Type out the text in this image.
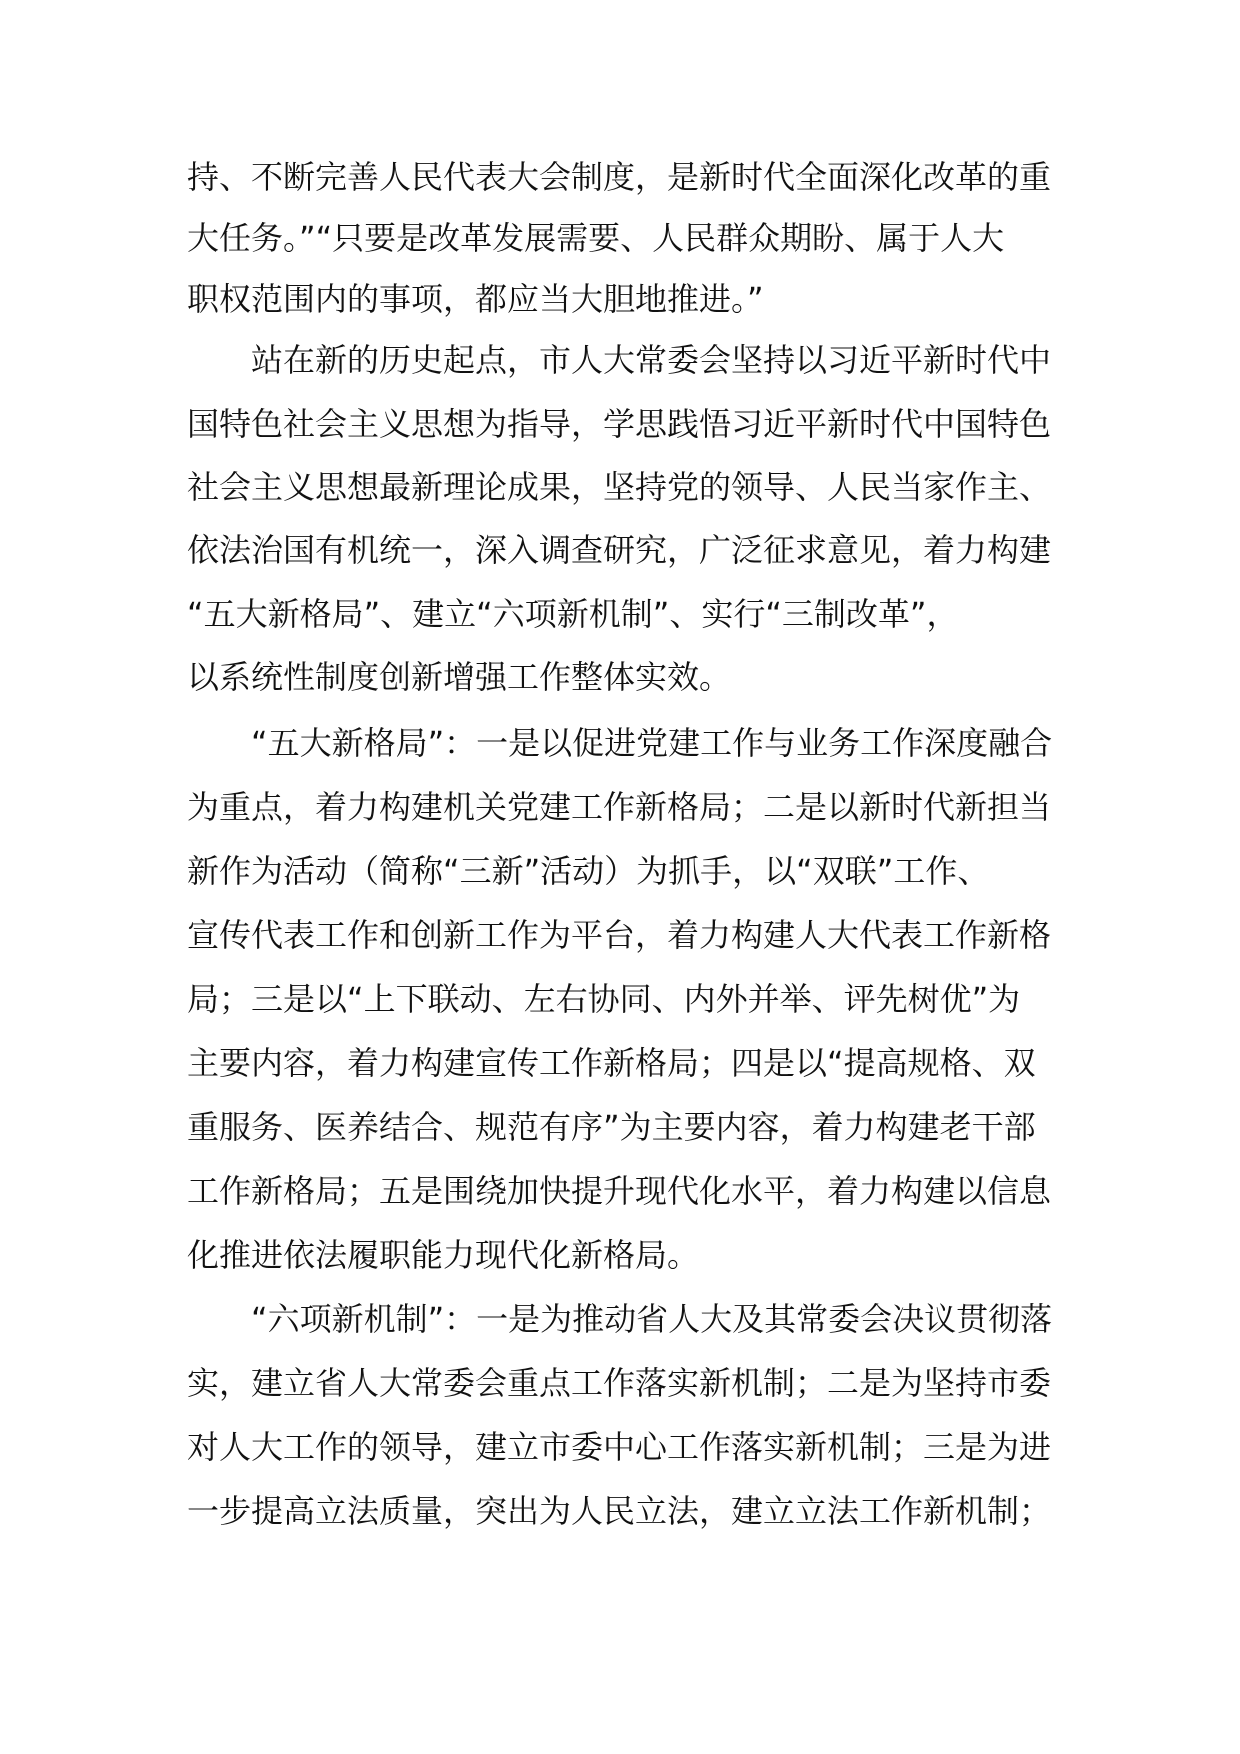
持、不断完善人民代表大会制度，是新时代全面深化改革的重
大任务。”“只要是改革发展需要、人民群众期盼、属于人大
职权范围内的事项，都应当大胆地推进。”
站在新的历史起点，市人大常委会坚持以习近平新时代中
国特色社会主义思想为指导，学思践悟习近平新时代中国特色
社会主义思想最新理论成果，坚持党的领导、人民当家作主、
依法治国有机统一，深入调查研究，广泛征求意见，着力构建
“五大新格局”、建立“六项新机制”、实行“三制改革”，
以系统性制度创新增强工作整体实效。
“五大新格局”：一是以促进党建工作与业务工作深度融合
为重点，着力构建机关党建工作新格局；二是以新时代新担当
新作为活动（简称“三新”活动）为抓手，以“双联”工作、
宣传代表工作和创新工作为平台，着力构建人大代表工作新格
局；三是以“上下联动、左右协同、内外并举、评先树优”为
主要内容，着力构建宣传工作新格局；四是以“提高规格、双
重服务、医养结合、规范有序”为主要内容，着力构建老干部
工作新格局；五是围绕加快提升现代化水平，着力构建以信息
化推进依法履职能力现代化新格局。
“六项新机制”：一是为推动省人大及其常委会决议贯彻落
实，建立省人大常委会重点工作落实新机制；二是为坚持市委
对人大工作的领导，建立市委中心工作落实新机制；三是为进
一步提高立法质量，突出为人民立法，建立立法工作新机制；
